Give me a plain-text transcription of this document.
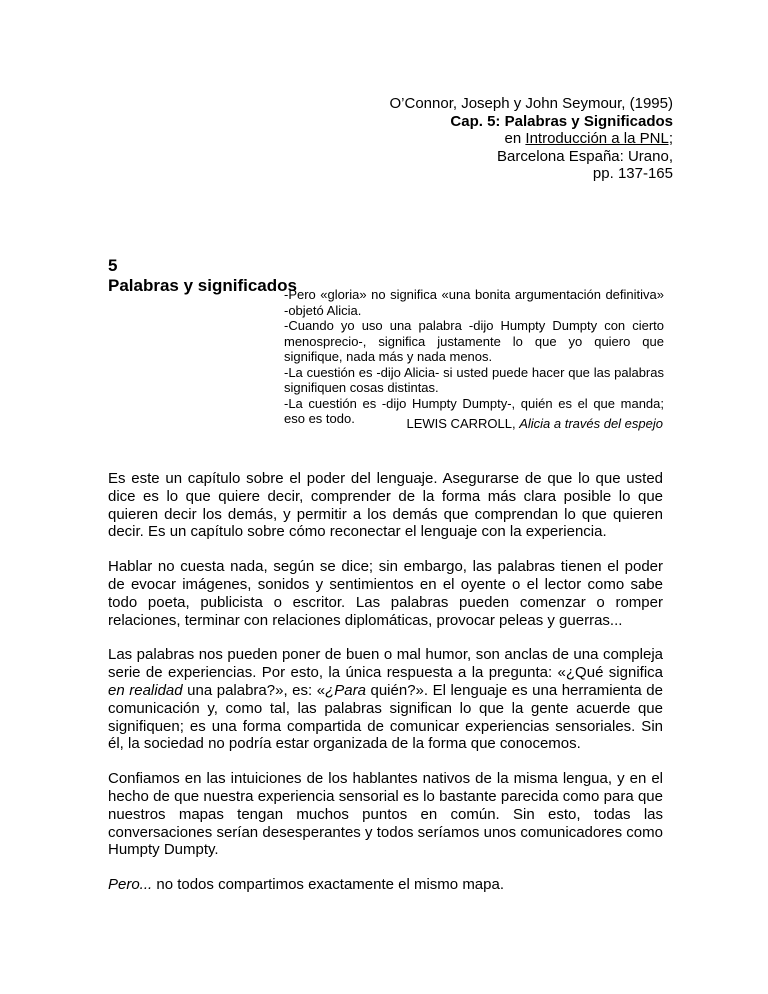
O’Connor, Joseph y John Seymour, (1995)
Cap. 5: Palabras y Significados
en Introducción a la PNL;
Barcelona España: Urano,
pp. 137-165
5
Palabras y significados

-Pero «gloria» no significa «una bonita argumentación definitiva» -objetó Alicia.

-Cuando yo uso una palabra -dijo Humpty Dumpty con cierto menosprecio-, significa justamente lo que yo quiero que signifique, nada más y nada menos.

-La cuestión es -dijo Alicia- si usted puede hacer que las palabras signifiquen cosas distintas.

-La cuestión es -dijo Humpty Dumpty-, quién es el que manda; eso es todo.	LEWIS CARROLL, Alicia a través del espejo

Es este un capítulo sobre el poder del lenguaje. Asegurarse de que lo que usted dice es lo que quiere decir, comprender de la forma más clara posible lo que quieren decir los demás, y permitir a los demás que comprendan lo que quieren decir. Es un capítulo sobre cómo reconectar el lenguaje con la experiencia.

Hablar no cuesta nada, según se dice; sin embargo, las palabras tienen el poder de evocar imágenes, sonidos y sentimientos en el oyente o el lector como sabe todo poeta, publicista o escritor. Las palabras pueden comenzar o romper relaciones, terminar con relaciones diplomáticas, provocar peleas y guerras...

Las palabras nos pueden poner de buen o mal humor, son anclas de una compleja serie de experiencias. Por esto, la única respuesta a la pregunta: «¿Qué significa en realidad una palabra?», es: «¿Para quién?». El lenguaje es una herramienta de comunicación y, como tal, las palabras significan lo que la gente acuerde que signifiquen; es una forma compartida de comunicar experiencias sensoriales. Sin él, la sociedad no podría estar organizada de la forma que conocemos.

Confiamos en las intuiciones de los hablantes nativos de la misma lengua, y en el hecho de que nuestra experiencia sensorial es lo bastante parecida como para que nuestros mapas tengan muchos puntos en común. Sin esto, todas las conversaciones serían desesperantes y todos seríamos unos comunicadores como Humpty Dumpty.

Pero... no todos compartimos exactamente el mismo mapa.
